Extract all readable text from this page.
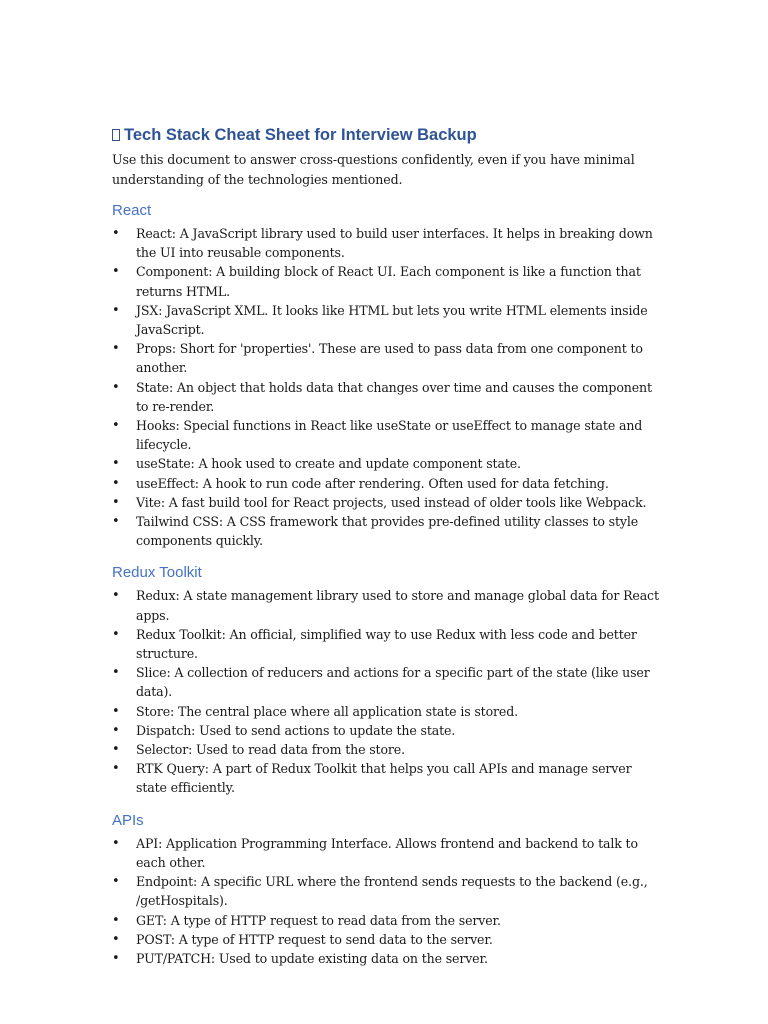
Tech Stack Cheat Sheet for Interview Backup

Use this document to answer cross-questions confidently, even if you have minimal understanding of the technologies mentioned.

React
• React: A JavaScript library used to build user interfaces. It helps in breaking down the UI into reusable components.
• Component: A building block of React UI. Each component is like a function that returns HTML.
• JSX: JavaScript XML. It looks like HTML but lets you write HTML elements inside JavaScript.
• Props: Short for 'properties'. These are used to pass data from one component to another.
• State: An object that holds data that changes over time and causes the component to re-render.
• Hooks: Special functions in React like useState or useEffect to manage state and lifecycle.
• useState: A hook used to create and update component state.
• useEffect: A hook to run code after rendering. Often used for data fetching.
• Vite: A fast build tool for React projects, used instead of older tools like Webpack.
• Tailwind CSS: A CSS framework that provides pre-defined utility classes to style components quickly.
Redux Toolkit
• Redux: A state management library used to store and manage global data for React apps.
• Redux Toolkit: An official, simplified way to use Redux with less code and better structure.
• Slice: A collection of reducers and actions for a specific part of the state (like user data).
• Store: The central place where all application state is stored.
• Dispatch: Used to send actions to update the state.
• Selector: Used to read data from the store.
• RTK Query: A part of Redux Toolkit that helps you call APIs and manage server state efficiently.
APIs
• API: Application Programming Interface. Allows frontend and backend to talk to each other.
• Endpoint: A specific URL where the frontend sends requests to the backend (e.g., /getHospitals).
• GET: A type of HTTP request to read data from the server.
• POST: A type of HTTP request to send data to the server.
• PUT/PATCH: Used to update existing data on the server.
